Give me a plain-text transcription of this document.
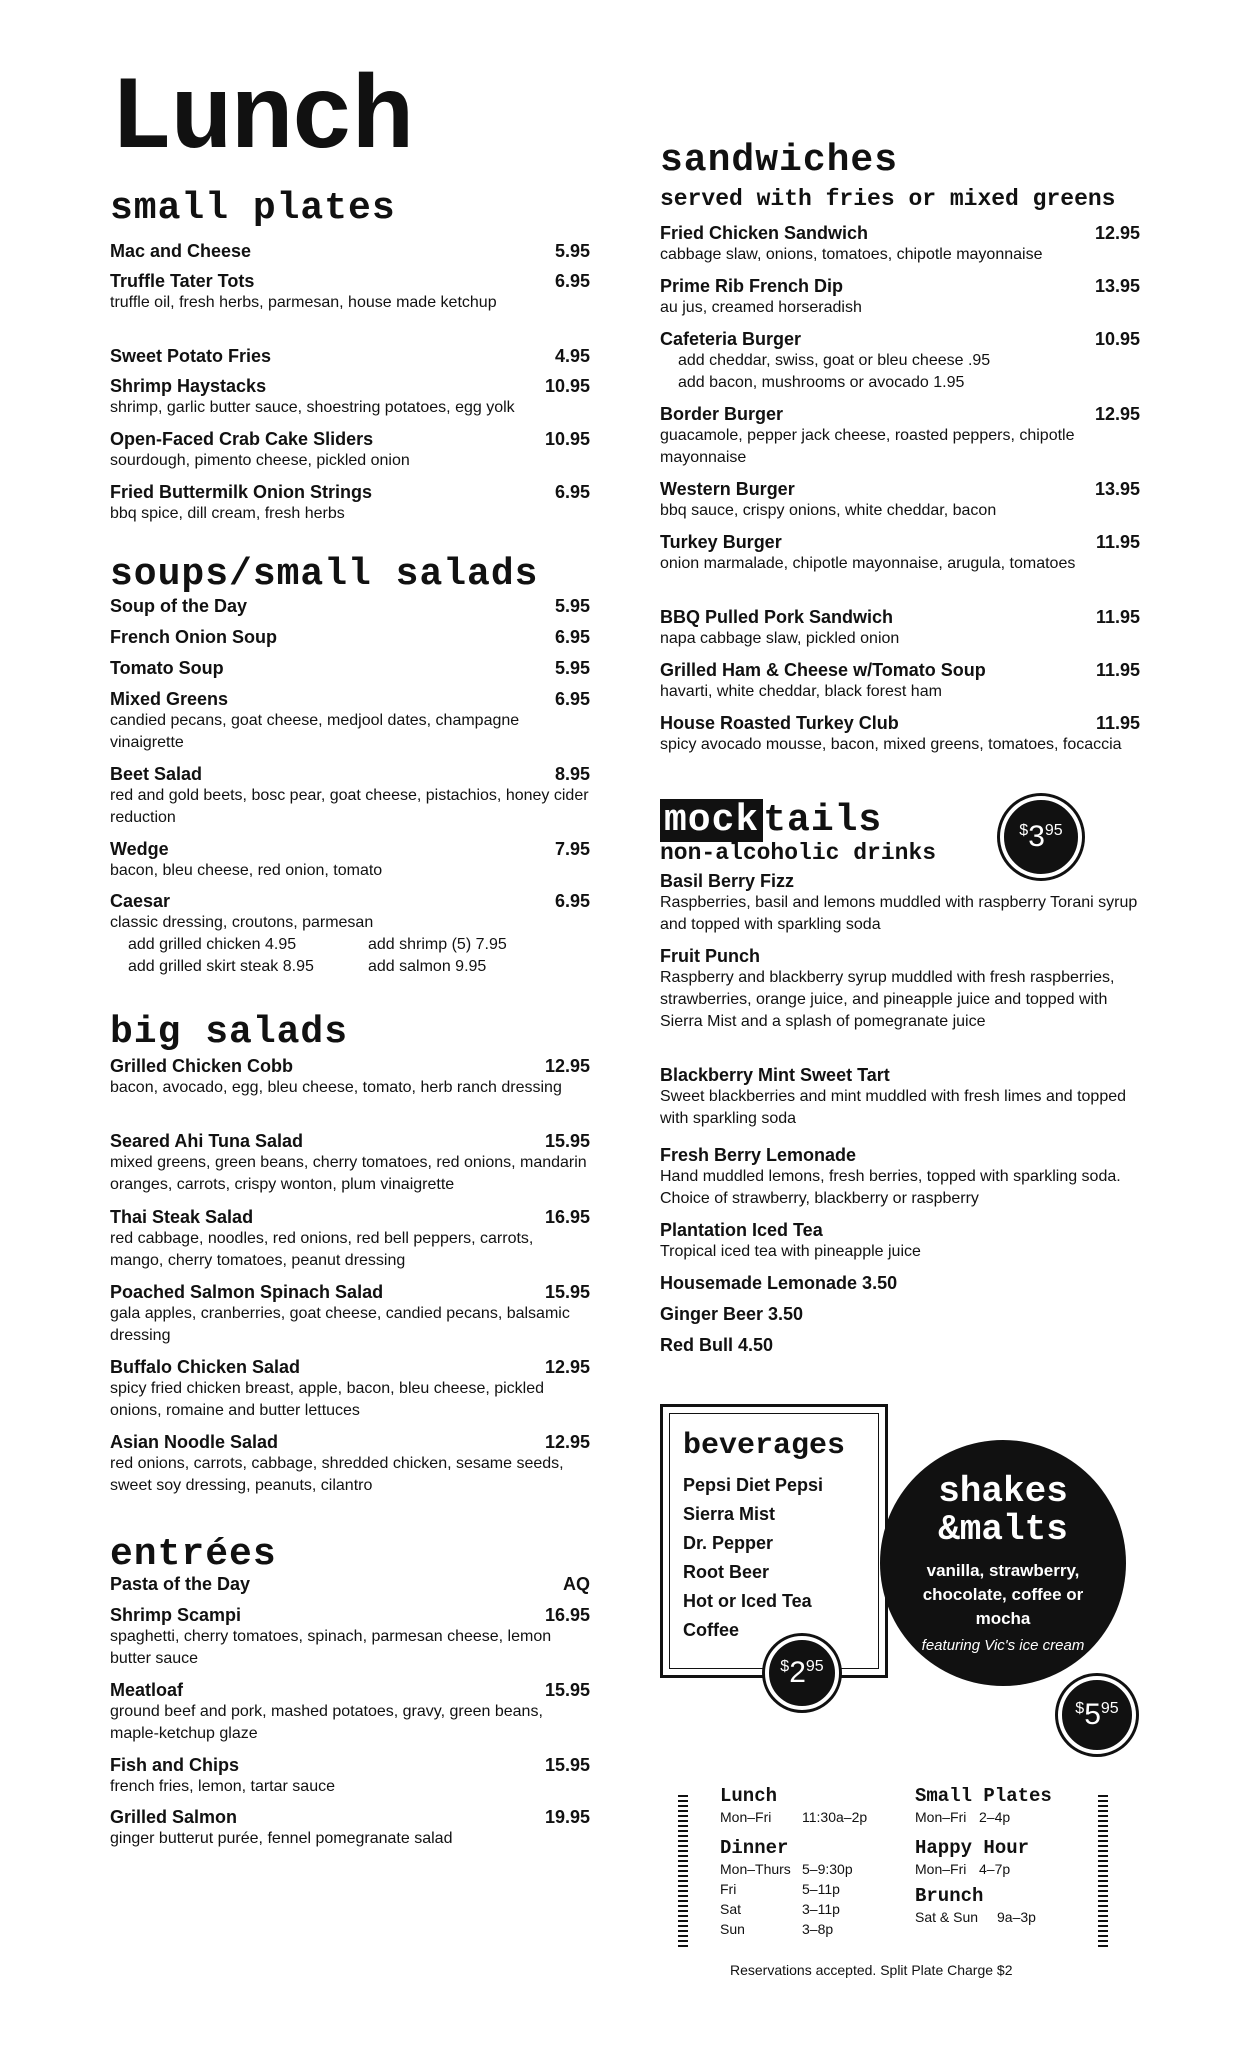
Lunch
small plates
Mac and Cheese	5.95
Truffle Tater Tots	6.95
truffle oil, fresh herbs, parmesan, house made ketchup
Sweet Potato Fries	4.95
Shrimp Haystacks	10.95
shrimp, garlic butter sauce, shoestring potatoes, egg yolk
Open-Faced Crab Cake Sliders	10.95
sourdough, pimento cheese, pickled onion
Fried Buttermilk Onion Strings	6.95
bbq spice, dill cream, fresh herbs
soups/small salads
Soup of the Day	5.95
French Onion Soup	6.95
Tomato Soup	5.95
Mixed Greens	6.95
candied pecans, goat cheese, medjool dates, champagne vinaigrette
Beet Salad	8.95
red and gold beets, bosc pear, goat cheese, pistachios, honey cider reduction
Wedge	7.95
bacon, bleu cheese, red onion, tomato
Caesar	6.95
classic dressing, croutons, parmesan
add grilled chicken 4.95	add shrimp (5) 7.95
add grilled skirt steak 8.95	add salmon 9.95
big salads
Grilled Chicken Cobb	12.95
bacon, avocado, egg, bleu cheese, tomato, herb ranch dressing
Seared Ahi Tuna Salad	15.95
mixed greens, green beans, cherry tomatoes, red onions, mandarin oranges, carrots, crispy wonton, plum vinaigrette
Thai Steak Salad	16.95
red cabbage, noodles, red onions, red bell peppers, carrots, mango, cherry tomatoes, peanut dressing
Poached Salmon Spinach Salad	15.95
gala apples, cranberries, goat cheese, candied pecans, balsamic dressing
Buffalo Chicken Salad	12.95
spicy fried chicken breast, apple, bacon, bleu cheese, pickled onions, romaine and butter lettuces
Asian Noodle Salad	12.95
red onions, carrots, cabbage, shredded chicken, sesame seeds, sweet soy dressing, peanuts, cilantro
entrées
Pasta of the Day	AQ
Shrimp Scampi	16.95
spaghetti, cherry tomatoes, spinach, parmesan cheese, lemon butter sauce
Meatloaf	15.95
ground beef and pork, mashed potatoes, gravy, green beans, maple-ketchup glaze
Fish and Chips	15.95
french fries, lemon, tartar sauce
Grilled Salmon	19.95
ginger butterut purée, fennel pomegranate salad
sandwiches
served with fries or mixed greens
Fried Chicken Sandwich	12.95
cabbage slaw, onions, tomatoes, chipotle mayonnaise
Prime Rib French Dip	13.95
au jus, creamed horseradish
Cafeteria Burger	10.95
add cheddar, swiss, goat or bleu cheese .95
add bacon, mushrooms or avocado 1.95
Border Burger	12.95
guacamole, pepper jack cheese, roasted peppers, chipotle mayonnaise
Western Burger	13.95
bbq sauce, crispy onions, white cheddar, bacon
Turkey Burger	11.95
onion marmalade, chipotle mayonnaise, arugula, tomatoes
BBQ Pulled Pork Sandwich	11.95
napa cabbage slaw, pickled onion
Grilled Ham & Cheese w/Tomato Soup	11.95
havarti, white cheddar, black forest ham
House Roasted Turkey Club	11.95
spicy avocado mousse, bacon, mixed greens, tomatoes, focaccia
mock tails
non-alcoholic drinks
Basil Berry Fizz
Raspberries, basil and lemons muddled with raspberry Torani syrup and topped with sparkling soda
Fruit Punch
Raspberry and blackberry syrup muddled with fresh raspberries, strawberries, orange juice, and pineapple juice and topped with Sierra Mist and a splash of pomegranate juice
Blackberry Mint Sweet Tart
Sweet blackberries and mint muddled with fresh limes and topped with sparkling soda
Fresh Berry Lemonade
Hand muddled lemons, fresh berries, topped with sparkling soda. Choice of strawberry, blackberry or raspberry
Plantation Iced Tea
Tropical iced tea with pineapple juice
Housemade Lemonade 3.50
Ginger Beer 3.50
Red Bull 4.50
$^{\$}3^{95}$
beverages
Pepsi Diet Pepsi
Sierra Mist
Dr. Pepper
Root Beer
Hot or Iced Tea
Coffee
$^{\$}2^{95}$
shakes
&malts
vanilla, strawberry, chocolate, coffee or mocha
featuring Vic's ice cream
$^{\$}5^{95}$
Lunch
Mon–Fri	11:30a–2p
Dinner
Mon–Thurs 5–9:30p
Fri	5–11p
Sat	3–11p
Sun	3–8p
Small Plates
Mon–Fri 2–4p
Happy Hour
Mon–Fri 4–7p
Brunch
Sat & Sun	9a–3p
Reservations accepted. Split Plate Charge $2
